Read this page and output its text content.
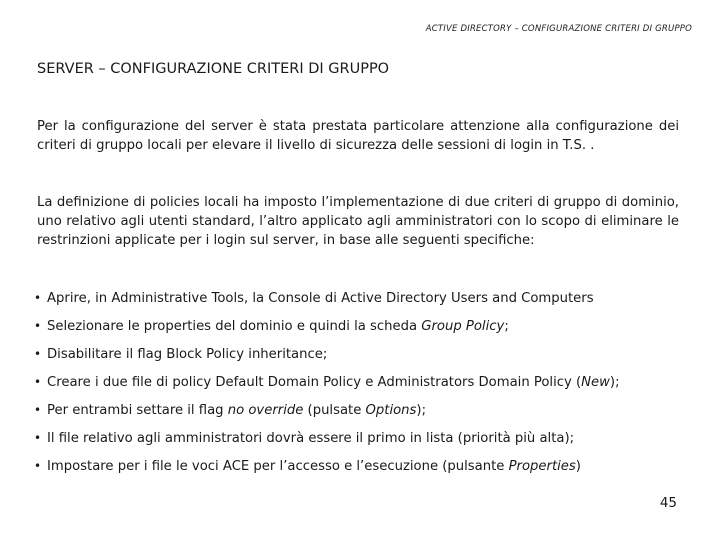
ACTIVE DIRECTORY – CONFIGURAZIONE CRITERI DI GRUPPO
SERVER – CONFIGURAZIONE CRITERI DI GRUPPO

Per la configurazione del server è stata prestata particolare attenzione alla configurazione dei criteri di gruppo locali per elevare il livello di sicurezza delle sessioni di login in T.S. .

La definizione di policies locali ha imposto l’implementazione di due criteri di gruppo di dominio, uno relativo agli utenti standard, l’altro applicato agli amministratori con lo scopo di eliminare le restrinzioni applicate per i login sul server, in base alle seguenti specifiche:

• Aprire, in Administrative Tools, la Console di Active Directory Users and Computers
• Selezionare le properties del dominio e quindi la scheda Group Policy;
• Disabilitare il flag Block Policy inheritance;
• Creare i due file di policy Default Domain Policy e Administrators Domain Policy (New);
• Per entrambi settare il flag no override (pulsate Options);
• Il file relativo agli amministratori dovrà essere il primo in lista (priorità più alta);
• Impostare per i file le voci ACE per l’accesso e l’esecuzione (pulsante Properties)
45
